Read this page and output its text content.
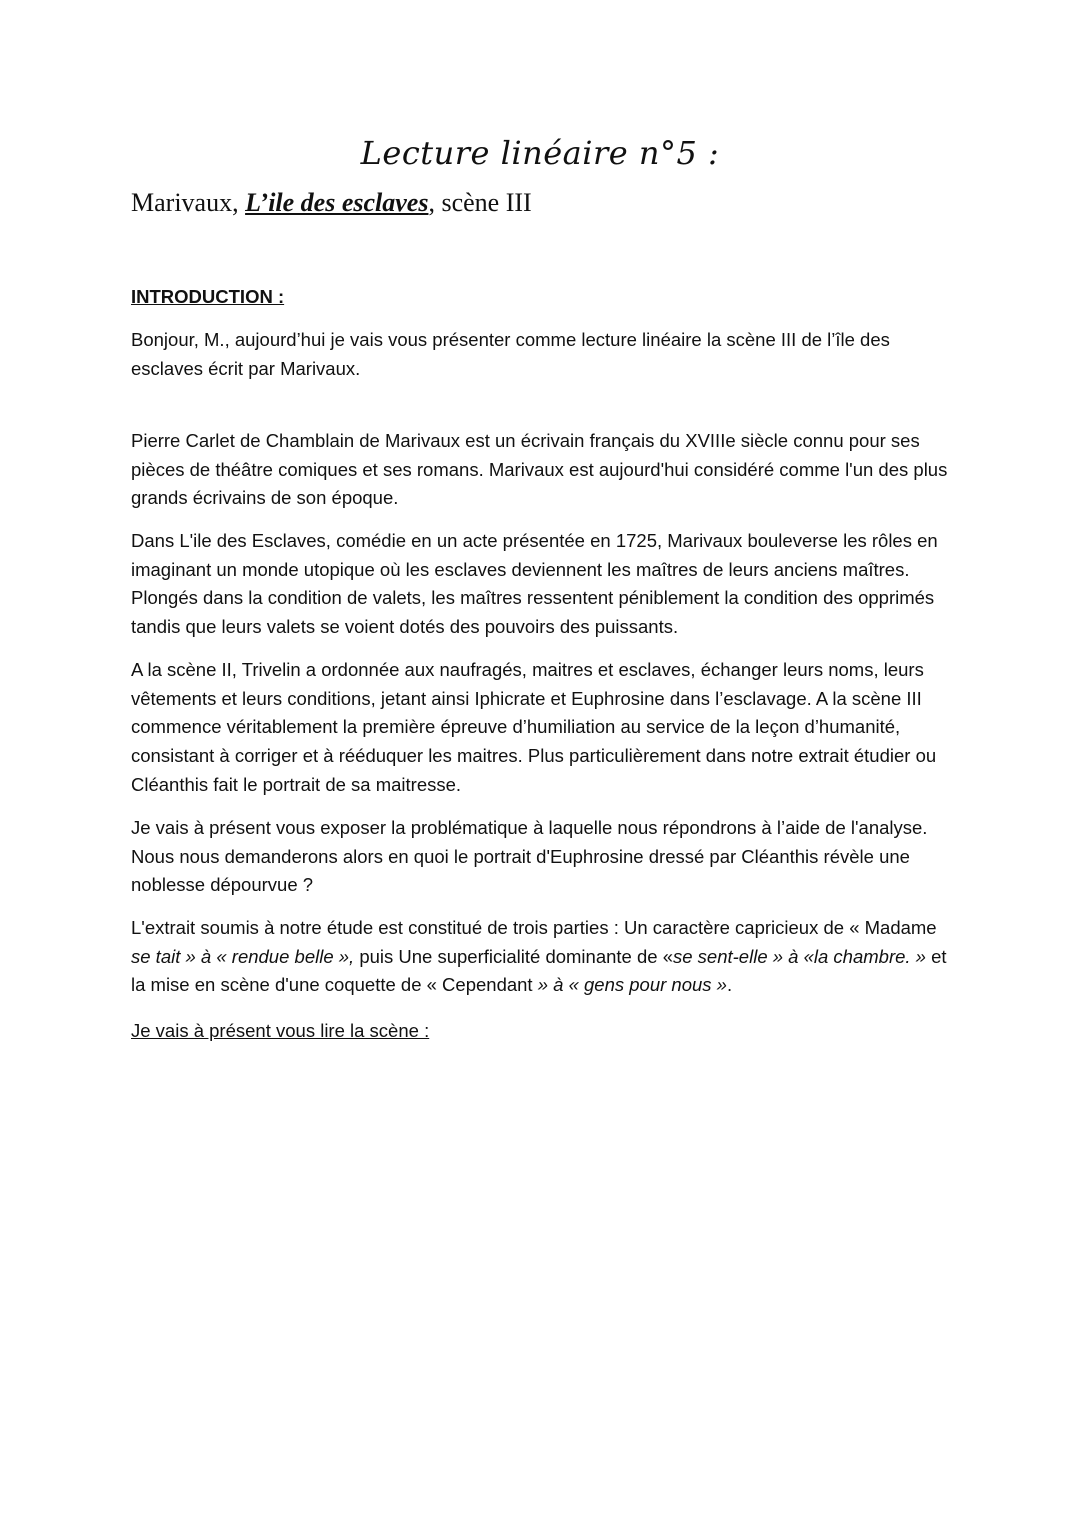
Lecture linéaire n°5 :
Marivaux, L’ile des esclaves, scène III
INTRODUCTION :

Bonjour, M., aujourd’hui je vais vous présenter comme lecture linéaire la scène III de l’île des esclaves écrit par Marivaux.

Pierre Carlet de Chamblain de Marivaux est un écrivain français du XVIIIe siècle connu pour ses pièces de théâtre comiques et ses romans. Marivaux est aujourd'hui considéré comme l'un des plus grands écrivains de son époque.

Dans L'ile des Esclaves, comédie en un acte présentée en 1725, Marivaux bouleverse les rôles en imaginant un monde utopique où les esclaves deviennent les maîtres de leurs anciens maîtres. Plongés dans la condition de valets, les maîtres ressentent péniblement la condition des opprimés tandis que leurs valets se voient dotés des pouvoirs des puissants.

A la scène II, Trivelin a ordonnée aux naufragés, maitres et esclaves, échanger leurs noms, leurs vêtements et leurs conditions, jetant ainsi Iphicrate et Euphrosine dans l’esclavage. A la scène III commence véritablement la première épreuve d’humiliation au service de la leçon d’humanité, consistant à corriger et à rééduquer les maitres. Plus particulièrement dans notre extrait étudier ou Cléanthis fait le portrait de sa maitresse.

Je vais à présent vous exposer la problématique à laquelle nous répondrons à l’aide de l'analyse. Nous nous demanderons alors en quoi le portrait d'Euphrosine dressé par Cléanthis révèle une noblesse dépourvue ?

L'extrait soumis à notre étude est constitué de trois parties : Un caractère capricieux de « Madame se tait » à « rendue belle », puis Une superficialité dominante de «se sent-elle » à «la chambre. » et la mise en scène d'une coquette de « Cependant » à « gens pour nous ».

Je vais à présent vous lire la scène :
